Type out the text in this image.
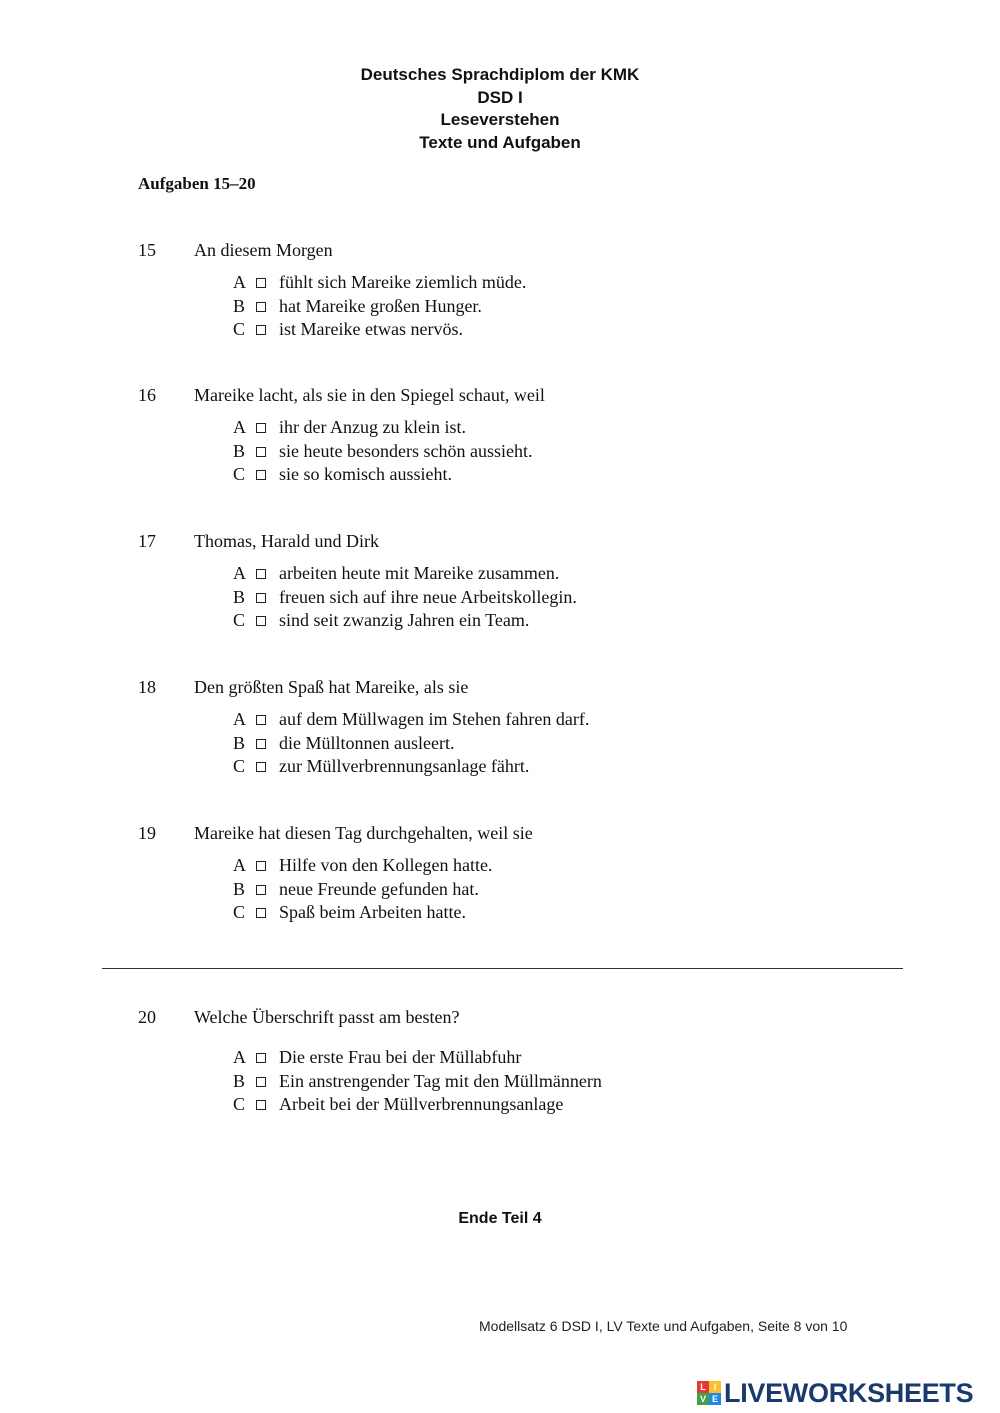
Deutsches Sprachdiplom der KMK
DSD I
Leseverstehen
Texte und Aufgaben
Aufgaben 15–20
15 An diesem Morgen
A fühlt sich Mareike ziemlich müde.
B hat Mareike großen Hunger.
C ist Mareike etwas nervös.
16 Mareike lacht, als sie in den Spiegel schaut, weil
A ihr der Anzug zu klein ist.
B sie heute besonders schön aussieht.
C sie so komisch aussieht.
17 Thomas, Harald und Dirk
A arbeiten heute mit Mareike zusammen.
B freuen sich auf ihre neue Arbeitskollegin.
C sind seit zwanzig Jahren ein Team.
18 Den größten Spaß hat Mareike, als sie
A auf dem Müllwagen im Stehen fahren darf.
B die Mülltonnen ausleert.
C zur Müllverbrennungsanlage fährt.
19 Mareike hat diesen Tag durchgehalten, weil sie
A Hilfe von den Kollegen hatte.
B neue Freunde gefunden hat.
C Spaß beim Arbeiten hatte.
20 Welche Überschrift passt am besten?
A Die erste Frau bei der Müllabfuhr
B Ein anstrengender Tag mit den Müllmännern
C Arbeit bei der Müllverbrennungsanlage
Ende Teil 4
Modellsatz 6 DSD I, LV Texte und Aufgaben, Seite 8 von 10
L I
V E LIVEWORKSHEETS
